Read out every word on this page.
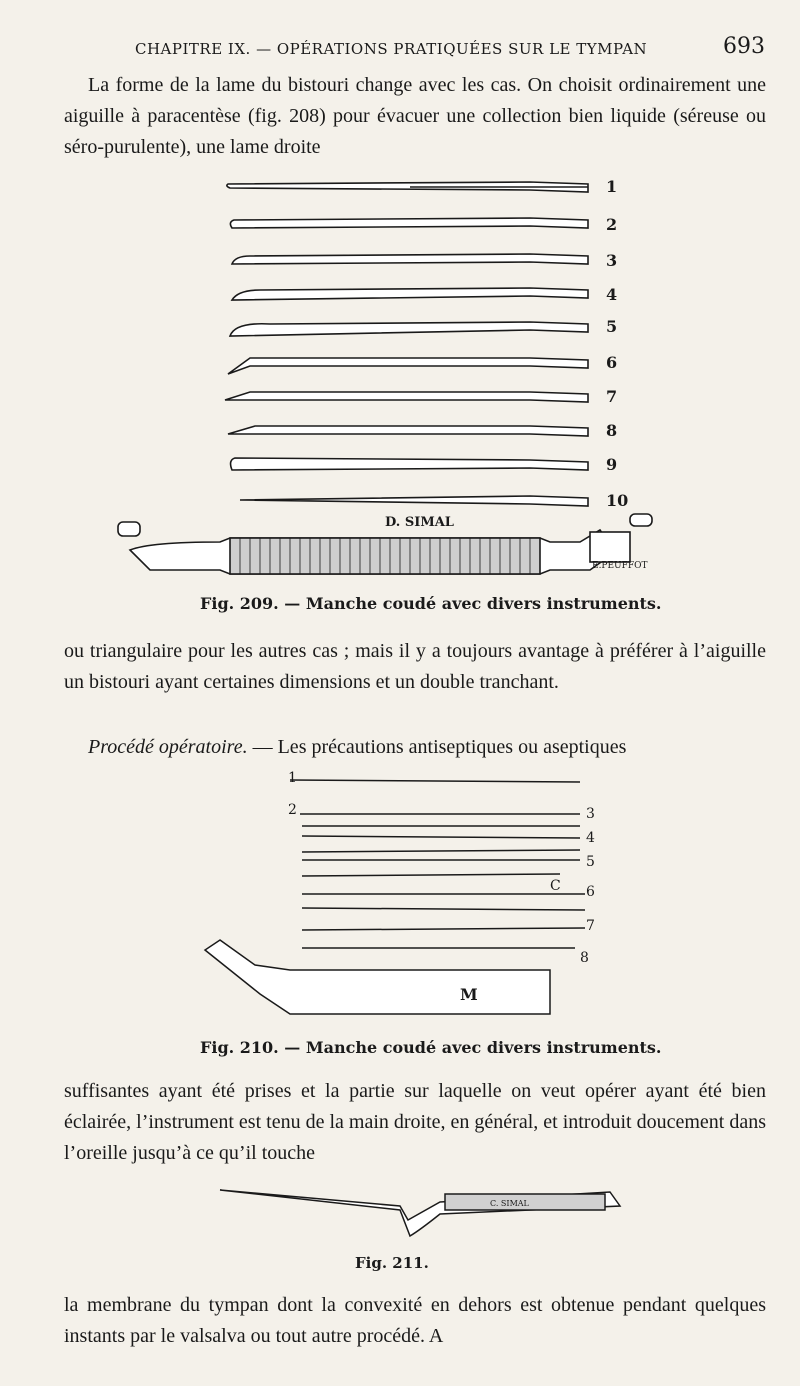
CHAPITRE IX. — OPÉRATIONS PRATIQUÉES SUR LE TYMPAN	693
La forme de la lame du bistouri change avec les cas. On choisit ordinairement une aiguille à paracentèse (fig. 208) pour évacuer une collection bien liquide (séreuse ou séro-purulente), une lame droite
1
2
3
4
5
6
7
8
9
10
D. SIMAL
E.PEUFFOT
Fig. 209. — Manche coudé avec divers instruments.
ou triangulaire pour les autres cas ; mais il y a toujours avantage à préférer à l’aiguille un bistouri ayant certaines dimensions et un double tranchant.
Procédé opératoire. — Les précautions antiseptiques ou aseptiques
1
2	3
4
5
6
7
8
C
M
Fig. 210. — Manche coudé avec divers instruments.
suffisantes ayant été prises et la partie sur laquelle on veut opérer ayant été bien éclairée, l’instrument est tenu de la main droite, en général, et introduit doucement dans l’oreille jusqu’à ce qu’il touche
C. SIMAL
Fig. 211.
la membrane du tympan dont la convexité en dehors est obtenue pendant quelques instants par le valsalva ou tout autre procédé. A
